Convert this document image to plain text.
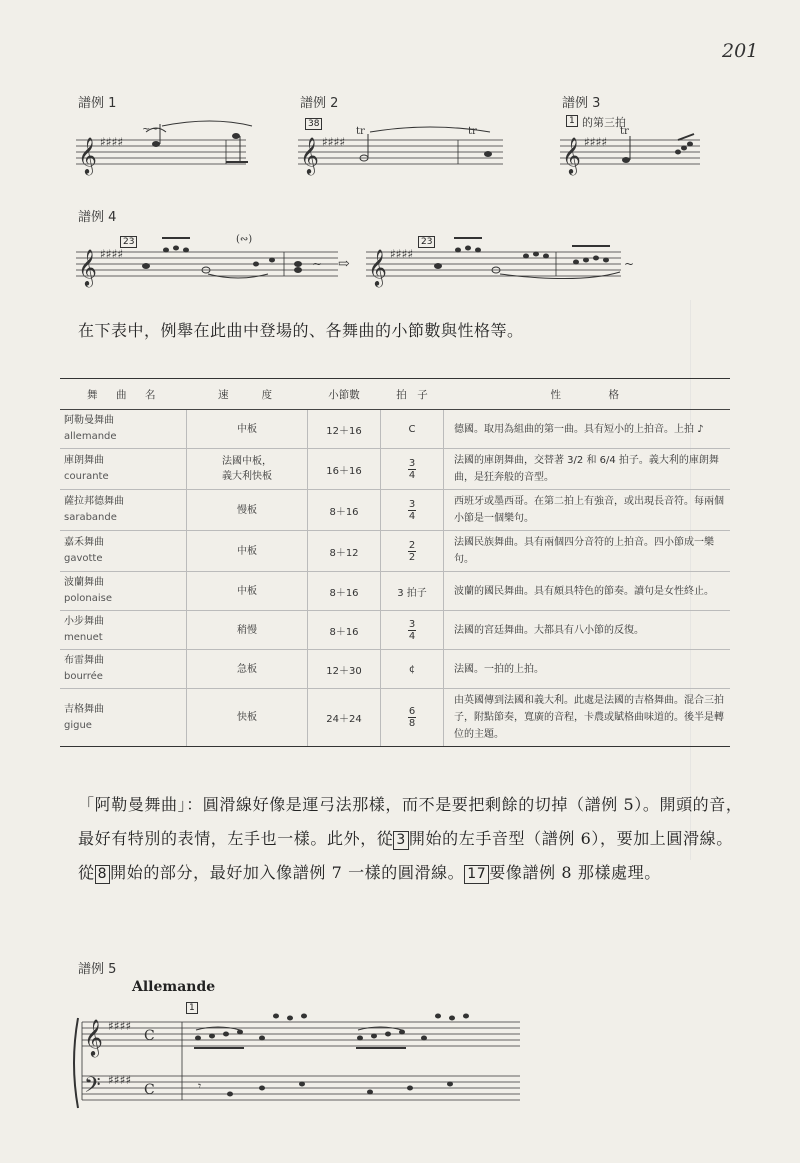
201
譜例 1	譜例 2	譜例 3
譜例 4
譜例 5
38	1 的第三拍
23	23
1
𝄞 ♯♯♯♯
~~
𝄞 ♯♯♯♯
tr	tr
𝄞 ♯♯♯♯
tr
𝄞 ♯♯♯♯
(∾)
~ ⇨ 𝄞 ♯♯♯♯
~
在下表中，例舉在此曲中登場的、各舞曲的小節數與性格等。
舞　曲　名	速　　度	小節數	拍　子	性　　　格

阿勒曼舞曲
allemande	中板	12＋16	C	德國。取用為組曲的第一曲。具有短小的上拍音。上拍 ♪

庫朗舞曲
courante	法國中板，
義大利快板	16＋16	$\frac{3}{4}$	法國的庫朗舞曲，交替著 3/2 和 6/4 拍子。義大利的庫朗舞曲，是狂奔般的音型。

薩拉邦德舞曲
sarabande	慢板	8＋16	$\frac{3}{4}$	西班牙或墨西哥。在第二拍上有強音，或出現長音符。每兩個小節是一個樂句。

嘉禾舞曲
gavotte	中板	8＋12	$\frac{2}{2}$	法國民族舞曲。具有兩個四分音符的上拍音。四小節成一樂句。

波蘭舞曲
polonaise	中板	8＋16	3 拍子	波蘭的國民舞曲。具有頗具特色的節奏。讀句是女性終止。

小步舞曲
menuet	稍慢	8＋16	$\frac{3}{4}$	法國的宮廷舞曲。大都具有八小節的反復。

布雷舞曲
bourrée	急板	12＋30	¢	法國。一拍的上拍。

吉格舞曲
gigue	快板	24＋24	$\frac{6}{8}$	由英國傳到法國和義大利。此處是法國的吉格舞曲。混合三拍子，附點節奏，寬廣的音程，卡農或賦格曲味道的。後半是轉位的主題。
「阿勒曼舞曲」：圓滑線好像是運弓法那樣，而不是要把剩餘的切掉（譜例 5）。開頭的音，最好有特別的表情，左手也一樣。此外，從 3 開始的左手音型（譜例 6），要加上圓滑線。從 8 開始的部分，最好加入像譜例 7 一樣的圓滑線。 17 要像譜例 8 那樣處理。
Allemande
𝄞
𝄢
♯♯♯♯
♯♯♯♯
C
C	𝄾
